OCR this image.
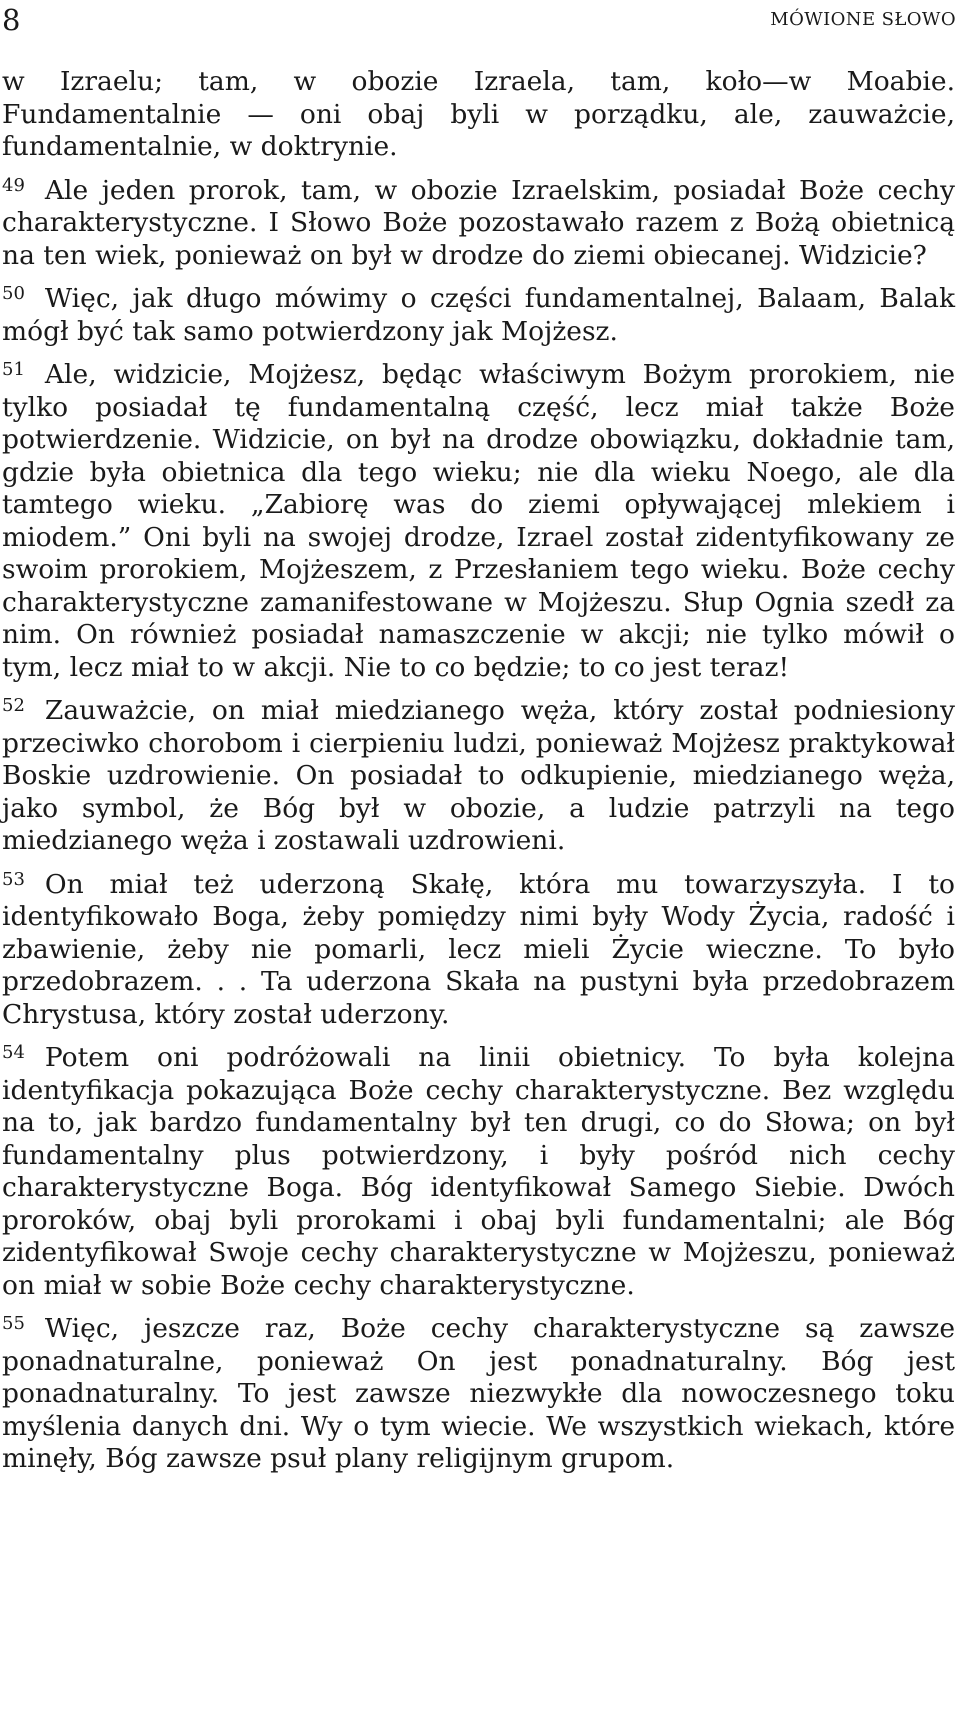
8	MÓWIONE SŁOWO

w Izraelu; tam, w obozie Izraela, tam, koło—w Moabie. Fundamentalnie — oni obaj byli w porządku, ale, zauważcie, fundamentalnie, w doktrynie.

$^{49}$ Ale jeden prorok, tam, w obozie Izraelskim, posiadał Boże cechy charakterystyczne. I Słowo Boże pozostawało razem z Bożą obietnicą na ten wiek, ponieważ on był w drodze do ziemi obiecanej. Widzicie?

$^{50}$ Więc, jak długo mówimy o części fundamentalnej, Balaam, Balak mógł być tak samo potwierdzony jak Mojżesz.

$^{51}$ Ale, widzicie, Mojżesz, będąc właściwym Bożym prorokiem, nie tylko posiadał tę fundamentalną część, lecz miał także Boże potwierdzenie. Widzicie, on był na drodze obowiązku, dokładnie tam, gdzie była obietnica dla tego wieku; nie dla wieku Noego, ale dla tamtego wieku. „Zabiorę was do ziemi opływającej mlekiem i miodem.” Oni byli na swojej drodze, Izrael został zidentyfikowany ze swoim prorokiem, Mojżeszem, z Przesłaniem tego wieku. Boże cechy charakterystyczne zamanifestowane w Mojżeszu. Słup Ognia szedł za nim. On również posiadał namaszczenie w akcji; nie tylko mówił o tym, lecz miał to w akcji. Nie to co będzie; to co jest teraz!

$^{52}$ Zauważcie, on miał miedzianego węża, który został podniesiony przeciwko chorobom i cierpieniu ludzi, ponieważ Mojżesz praktykował Boskie uzdrowienie. On posiadał to odkupienie, miedzianego węża, jako symbol, że Bóg był w obozie, a ludzie patrzyli na tego miedzianego węża i zostawali uzdrowieni.

$^{53}$ On miał też uderzoną Skałę, która mu towarzyszyła. I to identyfikowało Boga, żeby pomiędzy nimi były Wody Życia, radość i zbawienie, żeby nie pomarli, lecz mieli Życie wieczne. To było przedobrazem. . . Ta uderzona Skała na pustyni była przedobrazem Chrystusa, który został uderzony.

$^{54}$ Potem oni podróżowali na linii obietnicy. To była kolejna identyfikacja pokazująca Boże cechy charakterystyczne. Bez względu na to, jak bardzo fundamentalny był ten drugi, co do Słowa; on był fundamentalny plus potwierdzony, i były pośród nich cechy charakterystyczne Boga. Bóg identyfikował Samego Siebie. Dwóch proroków, obaj byli prorokami i obaj byli fundamentalni; ale Bóg zidentyfikował Swoje cechy charakterystyczne w Mojżeszu, ponieważ on miał w sobie Boże cechy charakterystyczne.

$^{55}$ Więc, jeszcze raz, Boże cechy charakterystyczne są zawsze ponadnaturalne, ponieważ On jest ponadnaturalny. Bóg jest ponadnaturalny. To jest zawsze niezwykłe dla nowoczesnego toku myślenia danych dni. Wy o tym wiecie. We wszystkich wiekach, które minęły, Bóg zawsze psuł plany religijnym grupom.
